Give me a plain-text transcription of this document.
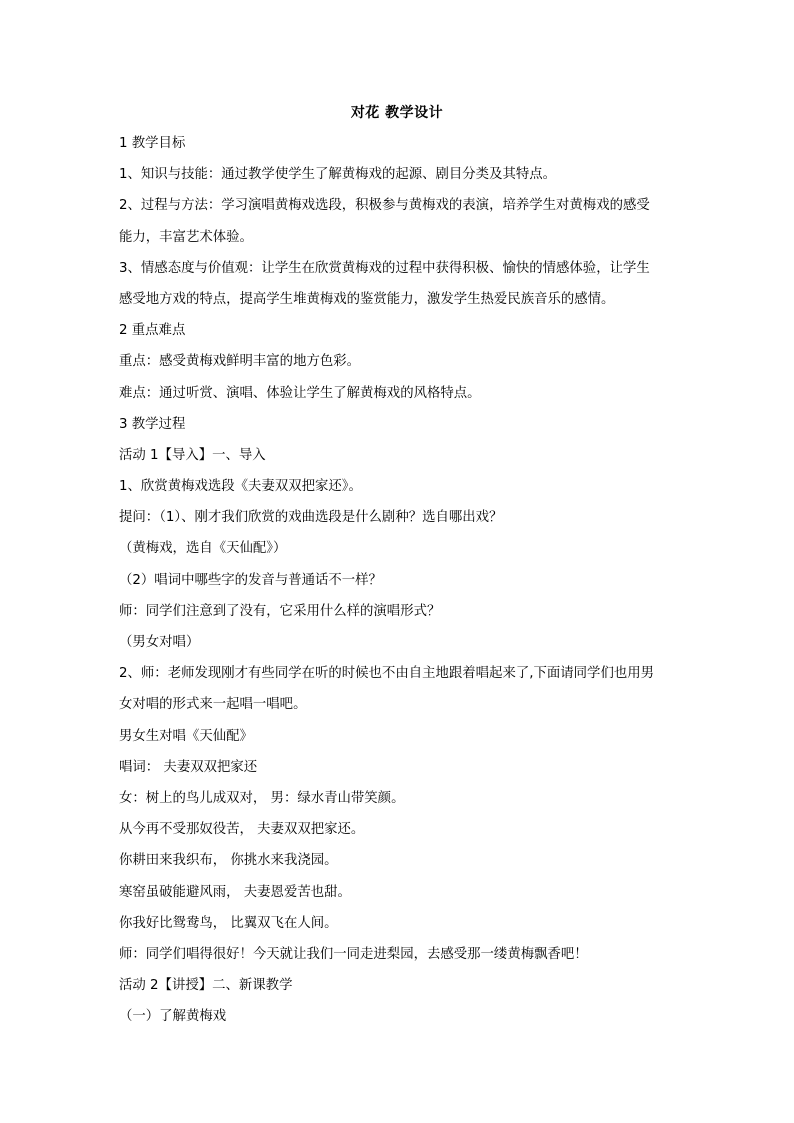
对花 教学设计
1 教学目标
1、知识与技能：通过教学使学生了解黄梅戏的起源、剧目分类及其特点。
2、过程与方法：学习演唱黄梅戏选段，积极参与黄梅戏的表演，培养学生对黄梅戏的感受
能力，丰富艺术体验。
3、情感态度与价值观：让学生在欣赏黄梅戏的过程中获得积极、愉快的情感体验，让学生
感受地方戏的特点，提高学生堆黄梅戏的鉴赏能力，激发学生热爱民族音乐的感情。
2 重点难点
重点：感受黄梅戏鲜明丰富的地方色彩。
难点：通过听赏、演唱、体验让学生了解黄梅戏的风格特点。
3 教学过程
活动 1【导入】一、导入
1、欣赏黄梅戏选段《夫妻双双把家还》。
提问：（1）、刚才我们欣赏的戏曲选段是什么剧种？选自哪出戏？
（黄梅戏，选自《天仙配》）
（2）唱词中哪些字的发音与普通话不一样？
师：同学们注意到了没有，它采用什么样的演唱形式？
（男女对唱）
2、师：老师发现刚才有些同学在听的时候也不由自主地跟着唱起来了,下面请同学们也用男
女对唱的形式来一起唱一唱吧。
男女生对唱《天仙配》
唱词： 夫妻双双把家还
女：树上的鸟儿成双对， 男：绿水青山带笑颜。
从今再不受那奴役苦， 夫妻双双把家还。
你耕田来我织布， 你挑水来我浇园。
寒窑虽破能避风雨， 夫妻恩爱苦也甜。
你我好比鸳鸯鸟， 比翼双飞在人间。
师：同学们唱得很好！今天就让我们一同走进梨园，去感受那一缕黄梅飘香吧！
活动 2【讲授】二、新课教学
（一）了解黄梅戏
